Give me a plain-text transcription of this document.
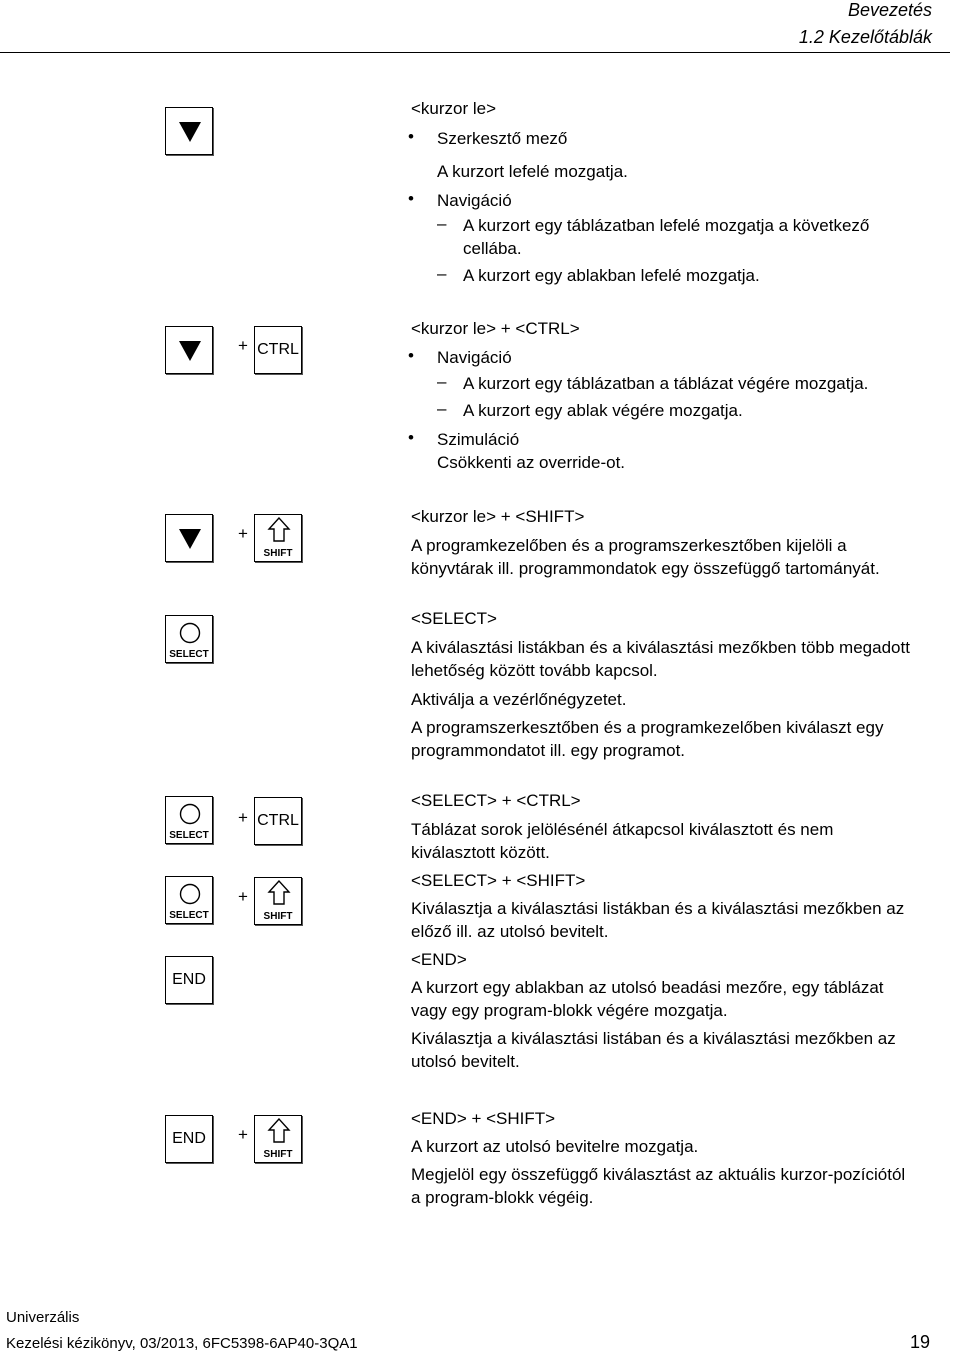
Bevezetés
1.2 Kezelőtáblák
<kurzor le>
• Szerkesztő mező
A kurzort lefelé mozgatja.
• Navigáció
– A kurzort egy táblázatban lefelé mozgatja a következő
cellába.
– A kurzort egy ablakban lefelé mozgatja.
+ CTRL
<kurzor le> + <CTRL>
• Navigáció
– A kurzort egy táblázatban a táblázat végére mozgatja.
– A kurzort egy ablak végére mozgatja.
• Szimuláció
Csökkenti az override-ot.
+
SHIFT
<kurzor le> + <SHIFT>
A programkezelőben és a programszerkesztőben kijelöli a
könyvtárak ill. programmondatok egy összefüggő tartományát.
SELECT
<SELECT>
A kiválasztási listákban és a kiválasztási mezőkben több megadott
lehetőség között tovább kapcsol.
Aktiválja a vezérlőnégyzetet.
A programszerkesztőben és a programkezelőben kiválaszt egy
programmondatot ill. egy programot.
SELECT
+ CTRL
SELECT
+
SHIFT
END
<SELECT> + <CTRL>
Táblázat sorok jelölésénél átkapcsol kiválasztott és nem
kiválasztott között.
<SELECT> + <SHIFT>
Kiválasztja a kiválasztási listákban és a kiválasztási mezőkben az
előző ill. az utolsó bevitelt.
<END>
A kurzort egy ablakban az utolsó beadási mezőre, egy táblázat
vagy egy program-blokk végére mozgatja.
Kiválasztja a kiválasztási listában és a kiválasztási mezőkben az
utolsó bevitelt.
END	+
SHIFT
<END> + <SHIFT>
A kurzort az utolsó bevitelre mozgatja.
Megjelöl egy összefüggő kiválasztást az aktuális kurzor-pozíciótól
a program-blokk végéig.
Univerzális
Kezelési kézikönyv, 03/2013, 6FC5398-6AP40-3QA1	19
